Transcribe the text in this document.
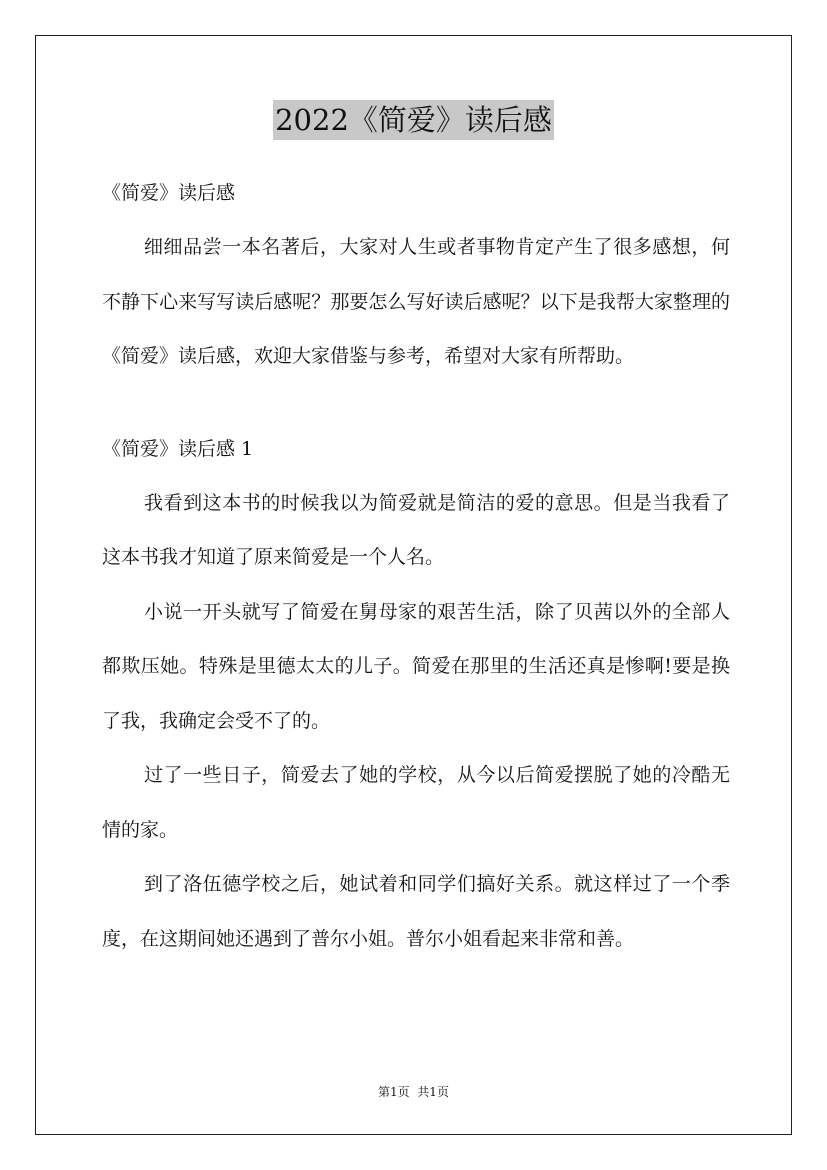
2022《简爱》读后感

《简爱》读后感

细细品尝一本名著后，大家对人生或者事物肯定产生了很多感想，何不静下心来写写读后感呢？那要怎么写好读后感呢？以下是我帮大家整理的《简爱》读后感，欢迎大家借鉴与参考，希望对大家有所帮助。

《简爱》读后感 1

我看到这本书的时候我以为简爱就是简洁的爱的意思。但是当我看了这本书我才知道了原来简爱是一个人名。

小说一开头就写了简爱在舅母家的艰苦生活，除了贝茜以外的全部人都欺压她。特殊是里德太太的儿子。简爱在那里的生活还真是惨啊!要是换了我，我确定会受不了的。

过了一些日子，简爱去了她的学校，从今以后简爱摆脱了她的冷酷无情的家。

到了洛伍德学校之后，她试着和同学们搞好关系。就这样过了一个季度，在这期间她还遇到了普尔小姐。普尔小姐看起来非常和善。

第1页  共1页
